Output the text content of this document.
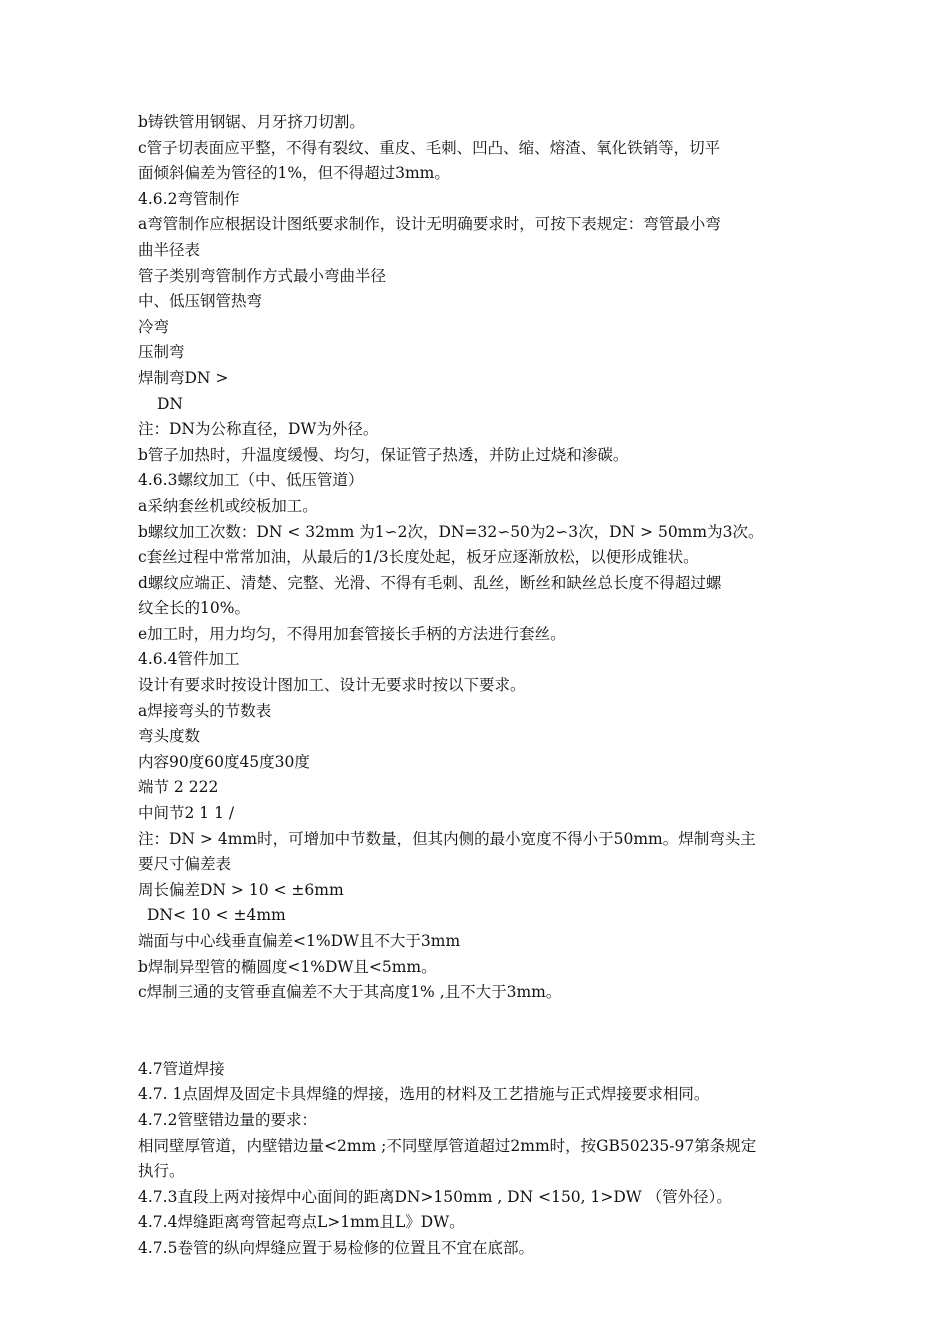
b铸铁管用钢锯、月牙挤刀切割。
c管子切表面应平整，不得有裂纹、重皮、毛刺、凹凸、缩、熔渣、氧化铁销等，切平
面倾斜偏差为管径的1%，但不得超过3mm。
4.6.2弯管制作
a弯管制作应根据设计图纸要求制作，设计无明确要求时，可按下表规定：弯管最小弯
曲半径表
管子类别弯管制作方式最小弯曲半径
中、低压钢管热弯
冷弯
压制弯
焊制弯DN >
DN
注：DN为公称直径，DW为外径。
b管子加热时，升温度缓慢、均匀，保证管子热透，并防止过烧和渗碳。
4.6.3螺纹加工（中、低压管道）
a采纳套丝机或绞板加工。
b螺纹加工次数：DN < 32mm 为1∽2次，DN=32∽50为2∽3次，DN > 50mm为3次。
c套丝过程中常常加油，从最后的1/3长度处起，板牙应逐渐放松，以便形成锥状。
d螺纹应端正、清楚、完整、光滑、不得有毛刺、乱丝，断丝和缺丝总长度不得超过螺
纹全长的10%。
e加工时，用力均匀，不得用加套管接长手柄的方法进行套丝。
4.6.4管件加工
设计有要求时按设计图加工、设计无要求时按以下要求。
a焊接弯头的节数表
弯头度数
内容90度60度45度30度
端节 2 222
中间节2 1 1 /
注：DN > 4mm时，可增加中节数量，但其内侧的最小宽度不得小于50mm。焊制弯头主
要尺寸偏差表
周长偏差DN > 10 < ±6mm
DN< 10 < ±4mm
端面与中心线垂直偏差<1%DW且不大于3mm
b焊制异型管的椭圆度<1%DW且<5mm。
c焊制三通的支管垂直偏差不大于其高度1% ,且不大于3mm。
4.7管道焊接
4.7. 1点固焊及固定卡具焊缝的焊接，选用的材料及工艺措施与正式焊接要求相同。
4.7.2管壁错边量的要求：
相同壁厚管道，内壁错边量<2mm ;不同壁厚管道超过2mm时，按GB50235-97第条规定
执行。
4.7.3直段上两对接焊中心面间的距离DN>150mm , DN <150, 1>DW （管外径）。
4.7.4焊缝距离弯管起弯点L>1mm且L》DW。
4.7.5卷管的纵向焊缝应置于易检修的位置且不宜在底部。
